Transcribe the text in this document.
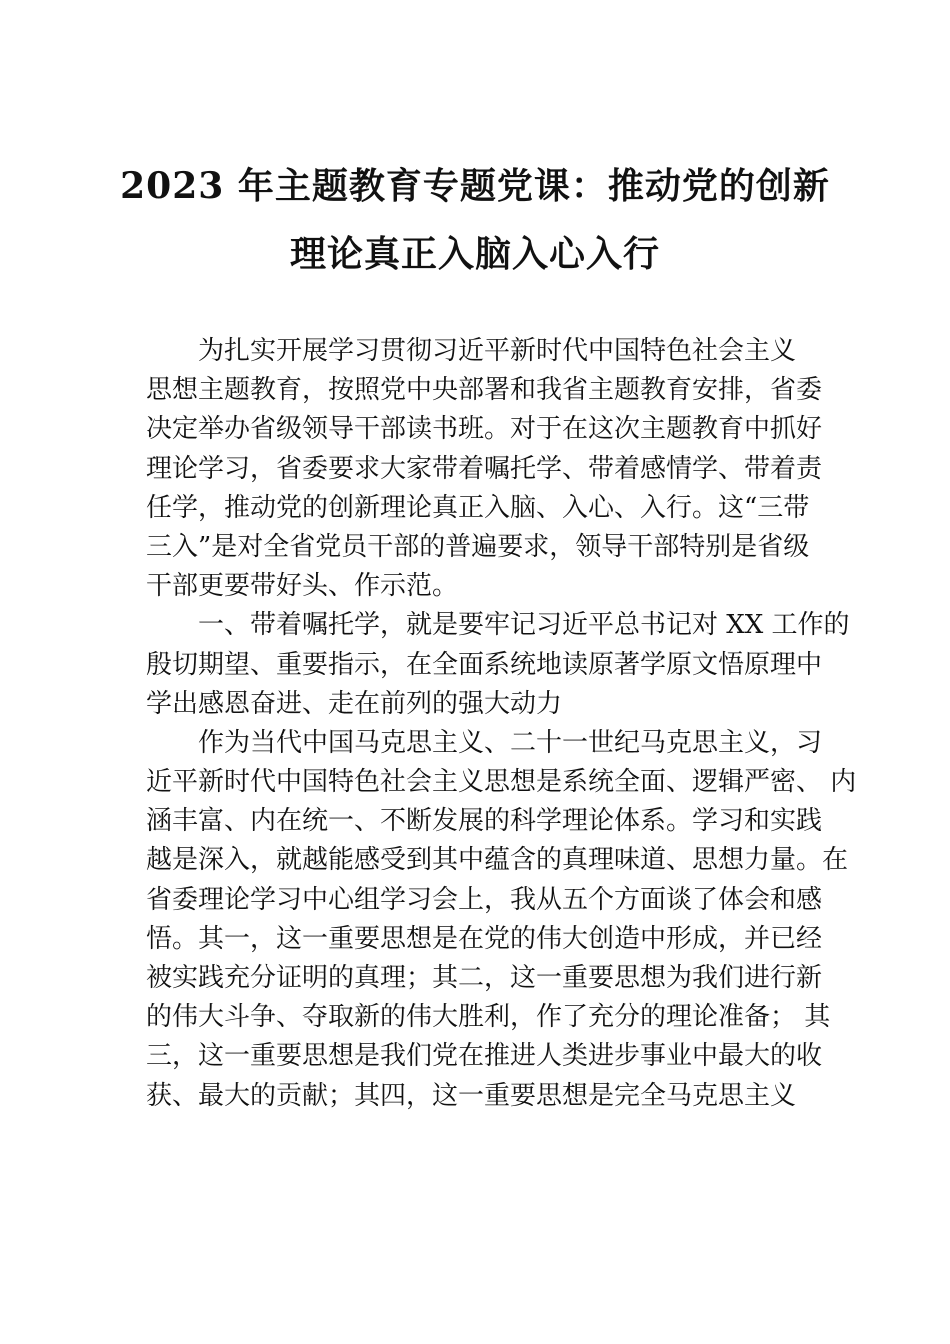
2023 年主题教育专题党课：推动党的创新
理论真正入脑入心入行
为扎实开展学习贯彻习近平新时代中国特色社会主义
思想主题教育，按照党中央部署和我省主题教育安排，省委
决定举办省级领导干部读书班。对于在这次主题教育中抓好
理论学习，省委要求大家带着嘱托学、带着感情学、带着责
任学，推动党的创新理论真正入脑、入心、入行。这“三带
三入”是对全省党员干部的普遍要求，领导干部特别是省级
干部更要带好头、作示范。
一、带着嘱托学，就是要牢记习近平总书记对 XX 工作的
殷切期望、重要指示，在全面系统地读原著学原文悟原理中
学出感恩奋进、走在前列的强大动力
作为当代中国马克思主义、二十一世纪马克思主义，习
近平新时代中国特色社会主义思想是系统全面、逻辑严密、 内
涵丰富、内在统一、不断发展的科学理论体系。学习和实践
越是深入，就越能感受到其中蕴含的真理味道、思想力量。在
省委理论学习中心组学习会上，我从五个方面谈了体会和感
悟。其一，这一重要思想是在党的伟大创造中形成，并已经
被实践充分证明的真理；其二，这一重要思想为我们进行新
的伟大斗争、夺取新的伟大胜利，作了充分的理论准备； 其
三，这一重要思想是我们党在推进人类进步事业中最大的收
获、最大的贡献；其四，这一重要思想是完全马克思主义
